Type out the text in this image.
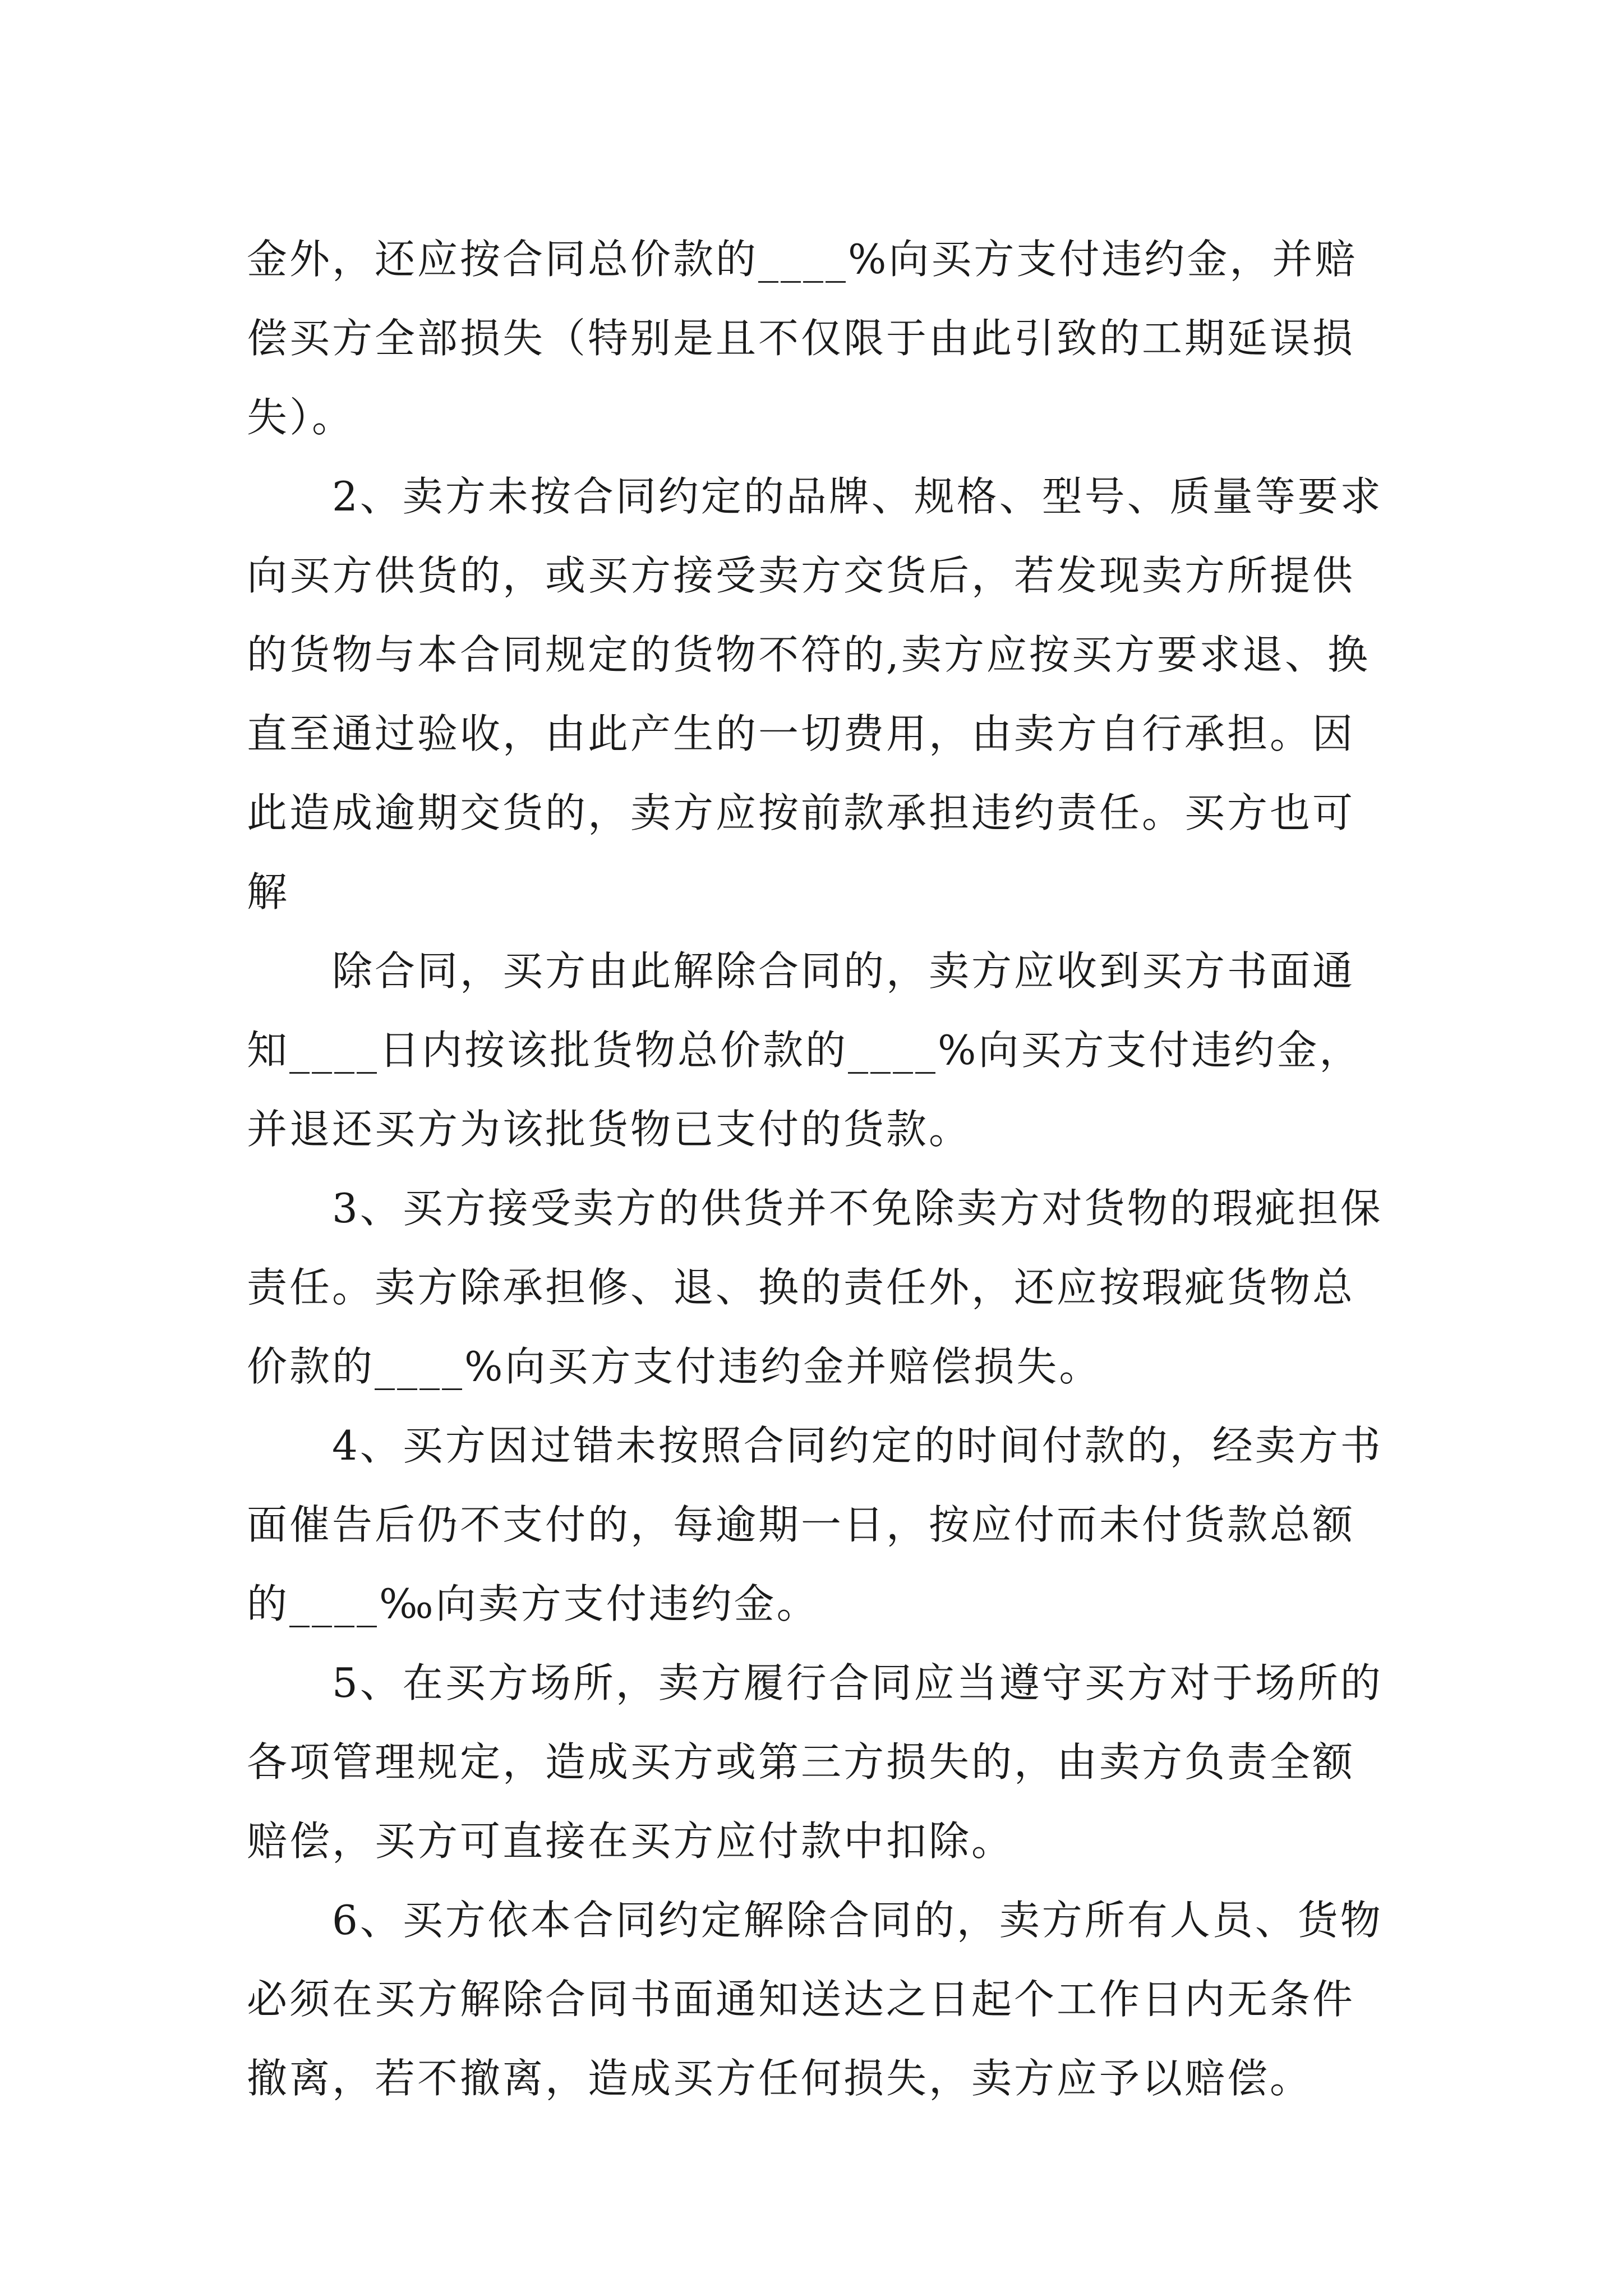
金外，还应按合同总价款的____%向买方支付违约金，并赔偿买方全部损失（特别是且不仅限于由此引致的工期延误损失）。

2、卖方未按合同约定的品牌、规格、型号、质量等要求向买方供货的，或买方接受卖方交货后，若发现卖方所提供的货物与本合同规定的货物不符的,卖方应按买方要求退、换直至通过验收，由此产生的一切费用，由卖方自行承担。因此造成逾期交货的，卖方应按前款承担违约责任。买方也可解

除合同，买方由此解除合同的，卖方应收到买方书面通知____日内按该批货物总价款的____%向买方支付违约金，并退还买方为该批货物已支付的货款。

3、买方接受卖方的供货并不免除卖方对货物的瑕疵担保责任。卖方除承担修、退、换的责任外，还应按瑕疵货物总价款的____%向买方支付违约金并赔偿损失。

4、买方因过错未按照合同约定的时间付款的，经卖方书面催告后仍不支付的，每逾期一日，按应付而未付货款总额的____‰向卖方支付违约金。

5、在买方场所，卖方履行合同应当遵守买方对于场所的各项管理规定，造成买方或第三方损失的，由卖方负责全额赔偿，买方可直接在买方应付款中扣除。

6、买方依本合同约定解除合同的，卖方所有人员、货物必须在买方解除合同书面通知送达之日起个工作日内无条件撤离，若不撤离，造成买方任何损失，卖方应予以赔偿。
